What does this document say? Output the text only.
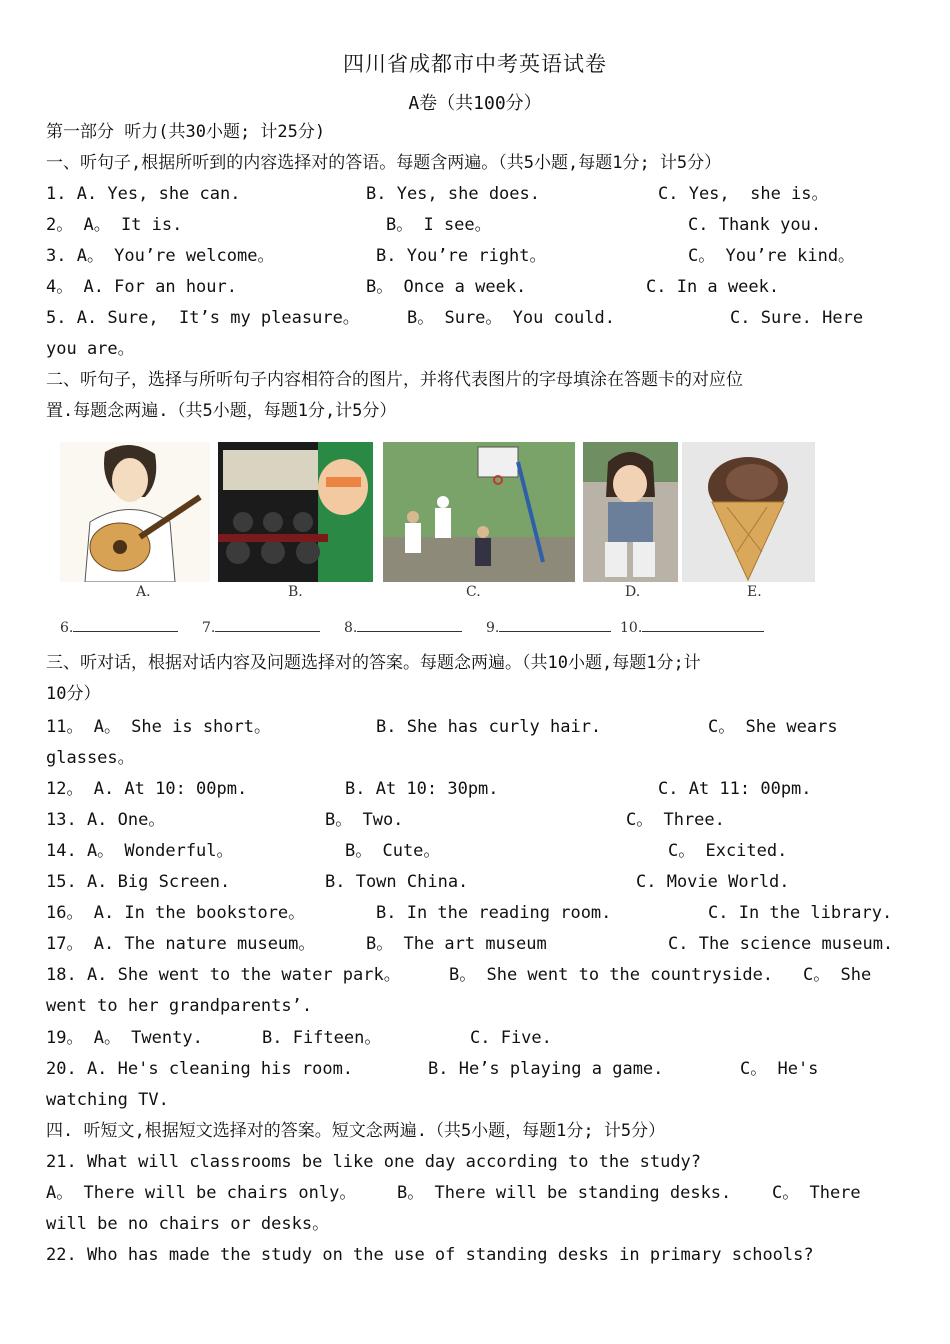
四川省成都市中考英语试卷
A卷（共100分）
第一部分 听力(共30小题; 计25分)
一、听句子,根据所听到的内容选择对的答语。每题含两遍。（共5小题,每题1分; 计5分）

1. A. Yes, she can.

	B. Yes, she does.

	C. Yes,  she is。

2。 A。 It is.

	B。 I see。

	C. Thank you.

3. A。 You’re welcome。

	B. You’re right。

	C。 You’re kind。

4。 A. For an hour.

	B。 Once a week.

	C. In a week.

5. A. Sure,  It’s my pleasure。

	B。 Sure。 You could.

	C. Sure. Here

you are。
二、听句子，选择与所听句子内容相符合的图片，并将代表图片的字母填涂在答题卡的对应位
置.每题念两遍.（共5小题，每题1分,计5分）
A.	B.	C.	D.	E.
6.	7.	8.	9.	10.
三、听对话，根据对话内容及问题选择对的答案。每题念两遍。（共10小题,每题1分;计
10分）

11。 A。 She is short。

	B. She has curly hair.

	C。 She wears

glasses。

12。 A. At 10: 00pm.

	B. At 10: 30pm.

	C. At 11: 00pm.

13. A. One。

	B。 Two.

	C。 Three.

14. A。 Wonderful。

	B。 Cute。

	C。 Excited.

15. A. Big Screen.

	B. Town China.

	C. Movie World.

16。 A. In the bookstore。

	B. In the reading room.

	C. In the library.

17。 A. The nature museum。

	B。 The art museum

	C. The science museum.

18. A. She went to the water park。

	B。 She went to the countryside.

C。 She

went to her grandparents’.

19。 A。 Twenty.

	B. Fifteen。

	C. Five.

20. A. He's cleaning his room.

	B. He’s playing a game.

	C。 He's

watching TV.
四. 听短文,根据短文选择对的答案。短文念两遍.（共5小题，每题1分; 计5分）
21. What will classrooms be like one day according to the study?

A。 There will be chairs only。

B。 There will be standing desks.

C。 There

will be no chairs or desks。
22. Who has made the study on the use of standing desks in primary schools?
